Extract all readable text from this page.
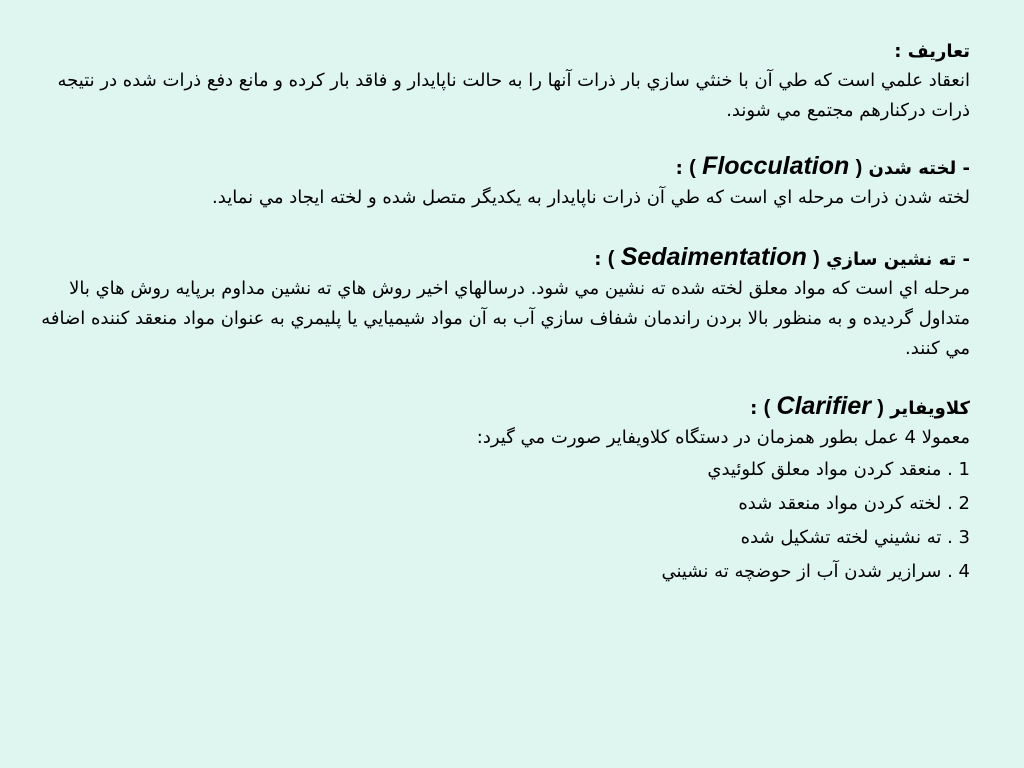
تعاريف :

انعقاد علمي است که طي آن با خنثي سازي بار ذرات آنها را به حالت ناپايدار و فاقد بار کرده و مانع دفع ذرات شده در نتيجه ذرات درکنارهم مجتمع مي شوند.

- لخته شدن ( Flocculation ) :

لخته شدن ذرات مرحله اي است که طي آن ذرات ناپايدار به يکديگر متصل شده و لخته ايجاد مي نمايد.

- ته نشين سازي ( Sedaimentation ) :

مرحله اي است که مواد معلق لخته شده ته نشين مي شود. درسالهاي اخير روش هاي ته نشين مداوم برپايه روش هاي بالا متداول گرديده و به منظور بالا بردن راندمان شفاف سازي آب به آن مواد شيميايي يا پليمري به عنوان مواد منعقد کننده اضافه مي کنند.

کلاويفاير ( Clarifier ) :

معمولا 4 عمل بطور همزمان در دستگاه کلاويفاير صورت مي گيرد:

1 . منعقد کردن مواد معلق کلوئيدي

2 . لخته کردن مواد منعقد شده

3 . ته نشيني لخته تشکيل شده

4 . سرازير شدن آب از حوضچه ته نشيني
